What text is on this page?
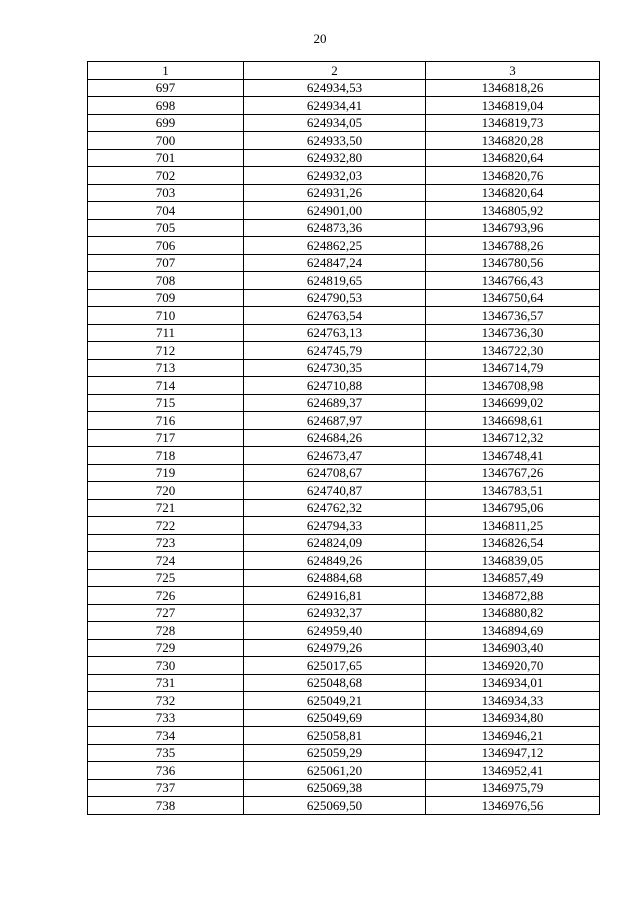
20
1	2	3
697	624934,53	1346818,26
698	624934,41	1346819,04
699	624934,05	1346819,73
700	624933,50	1346820,28
701	624932,80	1346820,64
702	624932,03	1346820,76
703	624931,26	1346820,64
704	624901,00	1346805,92
705	624873,36	1346793,96
706	624862,25	1346788,26
707	624847,24	1346780,56
708	624819,65	1346766,43
709	624790,53	1346750,64
710	624763,54	1346736,57
711	624763,13	1346736,30
712	624745,79	1346722,30
713	624730,35	1346714,79
714	624710,88	1346708,98
715	624689,37	1346699,02
716	624687,97	1346698,61
717	624684,26	1346712,32
718	624673,47	1346748,41
719	624708,67	1346767,26
720	624740,87	1346783,51
721	624762,32	1346795,06
722	624794,33	1346811,25
723	624824,09	1346826,54
724	624849,26	1346839,05
725	624884,68	1346857,49
726	624916,81	1346872,88
727	624932,37	1346880,82
728	624959,40	1346894,69
729	624979,26	1346903,40
730	625017,65	1346920,70
731	625048,68	1346934,01
732	625049,21	1346934,33
733	625049,69	1346934,80
734	625058,81	1346946,21
735	625059,29	1346947,12
736	625061,20	1346952,41
737	625069,38	1346975,79
738	625069,50	1346976,56
